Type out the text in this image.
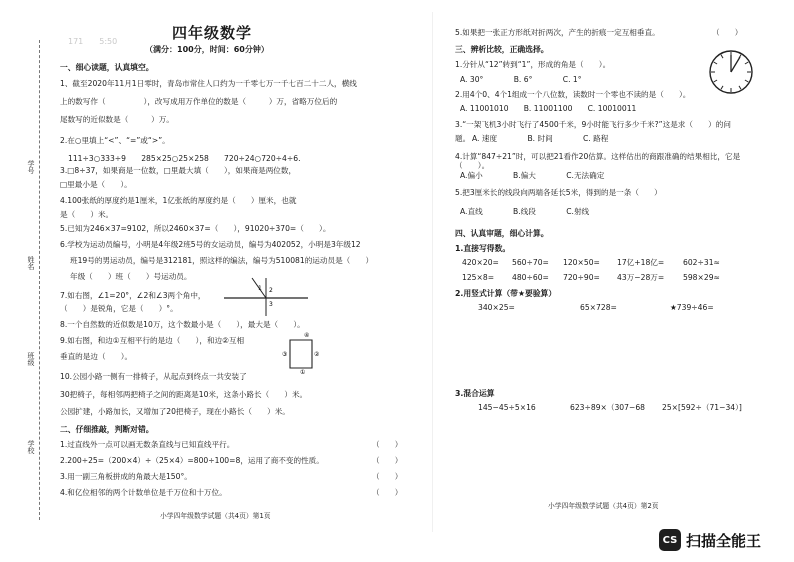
学号
姓名
班级
学校
171　　5:50	四年级数学
（满分：100分，时间：60分钟）
一、细心读题，认真填空。
1、截至2020年11月1日零时，青岛市常住人口约为一千零七万一千七百二十二人，横线
上的数写作（　　　　　），改写成用万作单位的数是（　　　）万，省略万位后的
尾数写的近似数是（　　　）万。
2.在○里填上“<”、“=”或“>”。
111÷3○333÷9　　285×25○25×258　　720÷24○720÷4÷6.
3.□8÷37，如果商是一位数，□里最大填（　　），如果商是两位数，
□里最小是（　　）。
4.100张纸的厚度约是1厘米，1亿张纸的厚度约是（　　）厘米，也就
是（　　）米。
5.已知为246×37=9102，所以2460×37=（　　），91020÷370=（　　）。
6.学校为运动员编号，小明是4年级2班5号的女运动员，编号为402052，小明是3年级12
班19号的男运动员，编号是312181，照这样的编法，编号为510081的运动员是（　　）
年级（　　）班（　　）号运动员。
7.如右图，∠1=20°，∠2和∠3两个角中，
（　　）是锐角，它是（　　）°。
1 2
3
8.一个自然数的近似数是10万，这个数最小是（　　），最大是（　　）。
9.如右图，和边①互相平行的是边（　　），和边②互相
垂直的是边（　　）。
④
②
③
①
10.公园小路一侧有一排椅子，从起点到终点一共安装了
30把椅子，每相邻两把椅子之间的距离是10米，这条小路长（　　）米。
公园扩建，小路加长，又增加了20把椅子，现在小路长（　　）米。
二、仔细推敲，判断对错。
1.过直线外一点可以画无数条直线与已知直线平行。	（　　）
2.200÷25=（200×4）÷（25×4）=800÷100=8，运用了商不变的性质。	（　　）
3.用一副三角板拼成的角最大是150°。	（　　）
4.和亿位相邻的两个计数单位是千万位和十万位。	（　　）
小学四年级数学试题（共4页）第1页
5.如果把一张正方形纸对折两次，产生的折痕一定互相垂直。	（　　）
三、辨析比较，正确选择。
1.分针从“12”转到“1”，形成的角是（　　）。
A. 30°　　　　B. 6°　　　　C. 1°
2.用4个0、4个1组成一个八位数，读数时一个零也不读的是（　　）。
A. 11001010　　B. 11001100　　C. 10010011
3.“一架飞机3小时飞行了4500千米，9小时能飞行多少千米?”这是求（　　）的问
题。 A. 速度　　　　B. 时间　　　　C. 路程
4.计算“847÷21”时，可以把21看作20估算。这样估出的商跟准确的结果相比，它是（　　）。
A.偏小　　　　B.偏大　　　　C.无法确定
5.把3厘米长的线段向两端各延长5米，得到的是一条（　　）
A.直线　　　　B.线段　　　　C.射线
四、认真审题，细心计算。
1.直接写得数。
420×20= 560÷70= 120×50= 17亿+18亿= 602÷31≈
125×8= 480÷60= 720÷90= 43万−28万= 598×29≈
2.用竖式计算（带★要验算）
340×25=	65×728=	★739÷46=
3.混合运算
145−45÷5×16	623÷89×（307−68 25×[592÷（71−34）]
小学四年级数学试题（共4页）第2页
CS 扫描全能王
